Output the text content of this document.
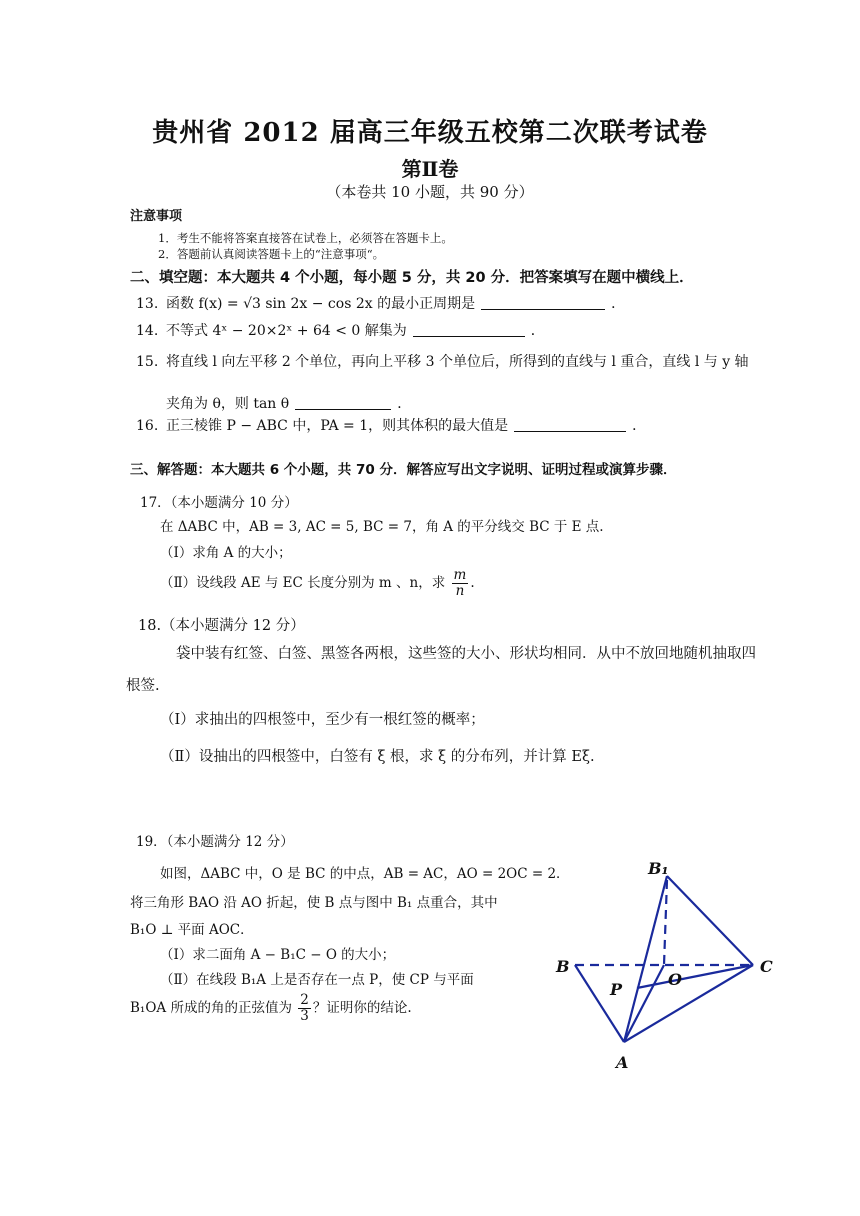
贵州省 2012 届高三年级五校第二次联考试卷
第Ⅱ卷
（本卷共 10 小题，共 90 分）
注意事项
1．考生不能将答案直接答在试卷上，必须答在答题卡上。
2．答题前认真阅读答题卡上的“注意事项“。
二、填空题：本大题共 4 个小题，每小题 5 分，共 20 分．把答案填写在题中横线上．
13. 函数 f(x) = √3 sin 2x − cos 2x 的最小正周期是	．
14. 不等式 4ˣ − 20×2ˣ + 64 < 0 解集为	．
15. 将直线 l 向左平移 2 个单位，再向上平移 3 个单位后，所得到的直线与 l 重合，直线 l 与 y 轴
夹角为 θ，则 tan θ	．
16. 正三棱锥 P − ABC 中，PA = 1，则其体积的最大值是	．
三、解答题：本大题共 6 个小题，共 70 分．解答应写出文字说明、证明过程或演算步骤．
17．（本小题满分 10 分）
在 ΔABC 中，AB = 3, AC = 5, BC = 7，角 A 的平分线交 BC 于 E 点.
（Ⅰ）求角 A 的大小；
（Ⅱ）设线段 AE 与 EC 长度分别为 m 、n，求 $\frac{m}{n}$ .
18.（本小题满分 12 分）
袋中装有红签、白签、黑签各两根，这些签的大小、形状均相同．从中不放回地随机抽取四
根签.
（Ⅰ）求抽出的四根签中，至少有一根红签的概率；
（Ⅱ）设抽出的四根签中，白签有 ξ 根，求 ξ 的分布列，并计算 Eξ.
19．（本小题满分 12 分）
如图，ΔABC 中，O 是 BC 的中点，AB = AC，AO = 2OC = 2．
将三角形 BAO 沿 AO 折起，使 B 点与图中 B₁ 点重合，其中
B₁O ⊥ 平面 AOC．
（Ⅰ）求二面角 A − B₁C − O 的大小；
（Ⅱ）在线段 B₁A 上是否存在一点 P，使 CP 与平面
B₁OA 所成的角的正弦值为 $\frac{2}{3}$ ？证明你的结论.
B₁
B	C
O
P
A
